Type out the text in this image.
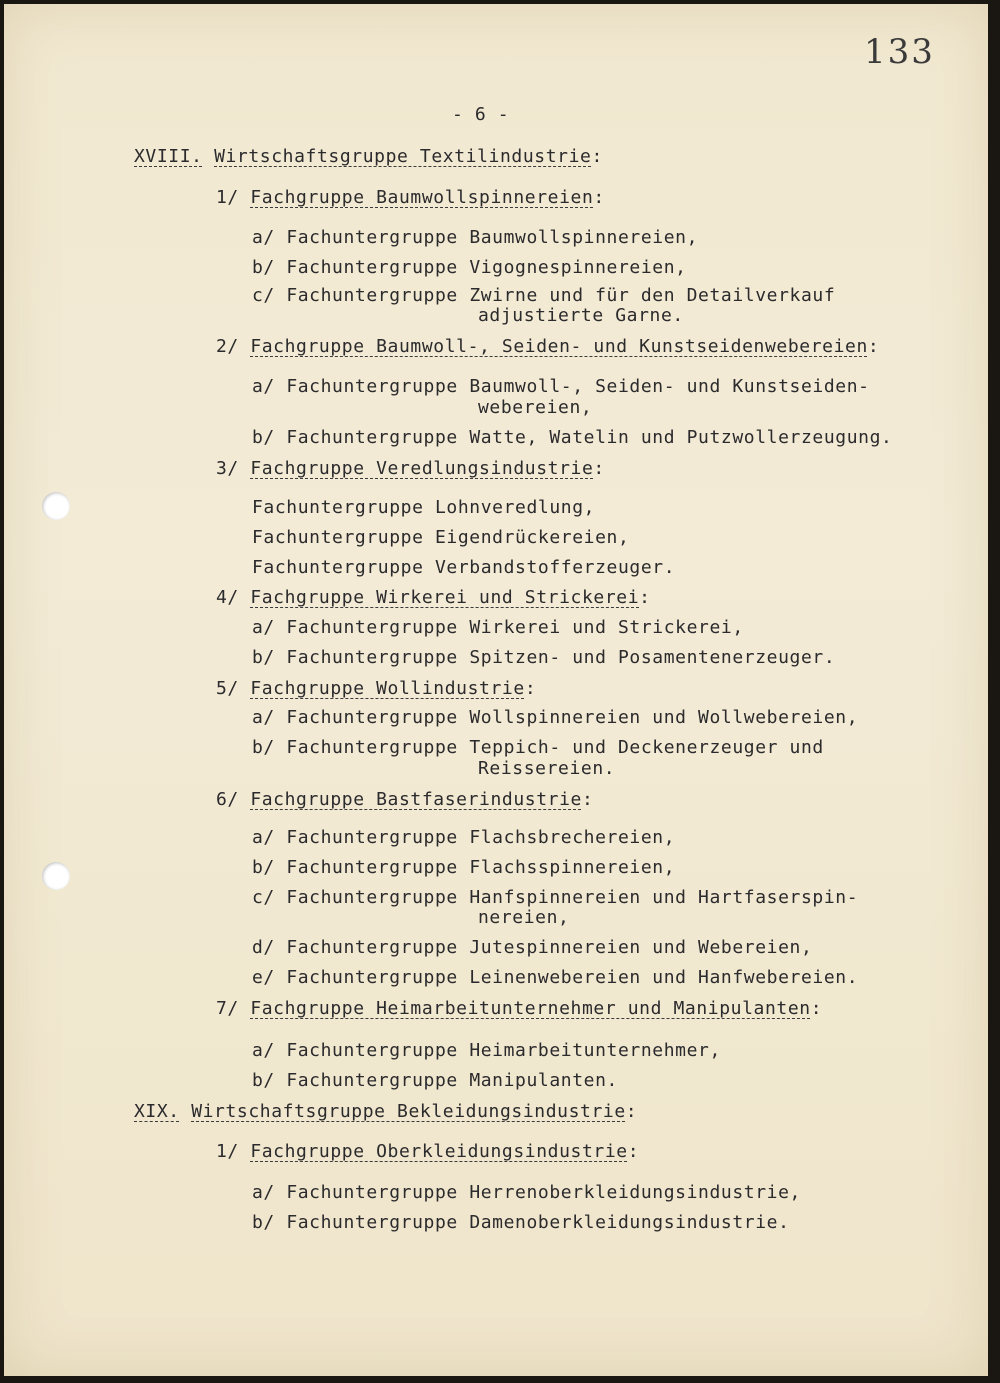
133
- 6 -
XVIII. Wirtschaftsgruppe Textilindustrie:
1/ Fachgruppe Baumwollspinnereien:
a/ Fachuntergruppe Baumwollspinnereien,
b/ Fachuntergruppe Vigognespinnereien,
c/ Fachuntergruppe Zwirne und für den Detailverkauf
adjustierte Garne.
2/ Fachgruppe Baumwoll-, Seiden- und Kunstseidenwebereien:
a/ Fachuntergruppe Baumwoll-, Seiden- und Kunstseiden-
webereien,
b/ Fachuntergruppe Watte, Watelin und Putzwollerzeugung.
3/ Fachgruppe Veredlungsindustrie:
Fachuntergruppe Lohnveredlung,
Fachuntergruppe Eigendrückereien,
Fachuntergruppe Verbandstofferzeuger.
4/ Fachgruppe Wirkerei und Strickerei:
a/ Fachuntergruppe Wirkerei und Strickerei,
b/ Fachuntergruppe Spitzen- und Posamentenerzeuger.
5/ Fachgruppe Wollindustrie:
a/ Fachuntergruppe Wollspinnereien und Wollwebereien,
b/ Fachuntergruppe Teppich- und Deckenerzeuger und
Reissereien.
6/ Fachgruppe Bastfaserindustrie:
a/ Fachuntergruppe Flachsbrechereien,
b/ Fachuntergruppe Flachsspinnereien,
c/ Fachuntergruppe Hanfspinnereien und Hartfaserspin-
nereien,
d/ Fachuntergruppe Jutespinnereien und Webereien,
e/ Fachuntergruppe Leinenwebereien und Hanfwebereien.
7/ Fachgruppe Heimarbeitunternehmer und Manipulanten:
a/ Fachuntergruppe Heimarbeitunternehmer,
b/ Fachuntergruppe Manipulanten.
XIX. Wirtschaftsgruppe Bekleidungsindustrie:
1/ Fachgruppe Oberkleidungsindustrie:
a/ Fachuntergruppe Herrenoberkleidungsindustrie,
b/ Fachuntergruppe Damenoberkleidungsindustrie.
